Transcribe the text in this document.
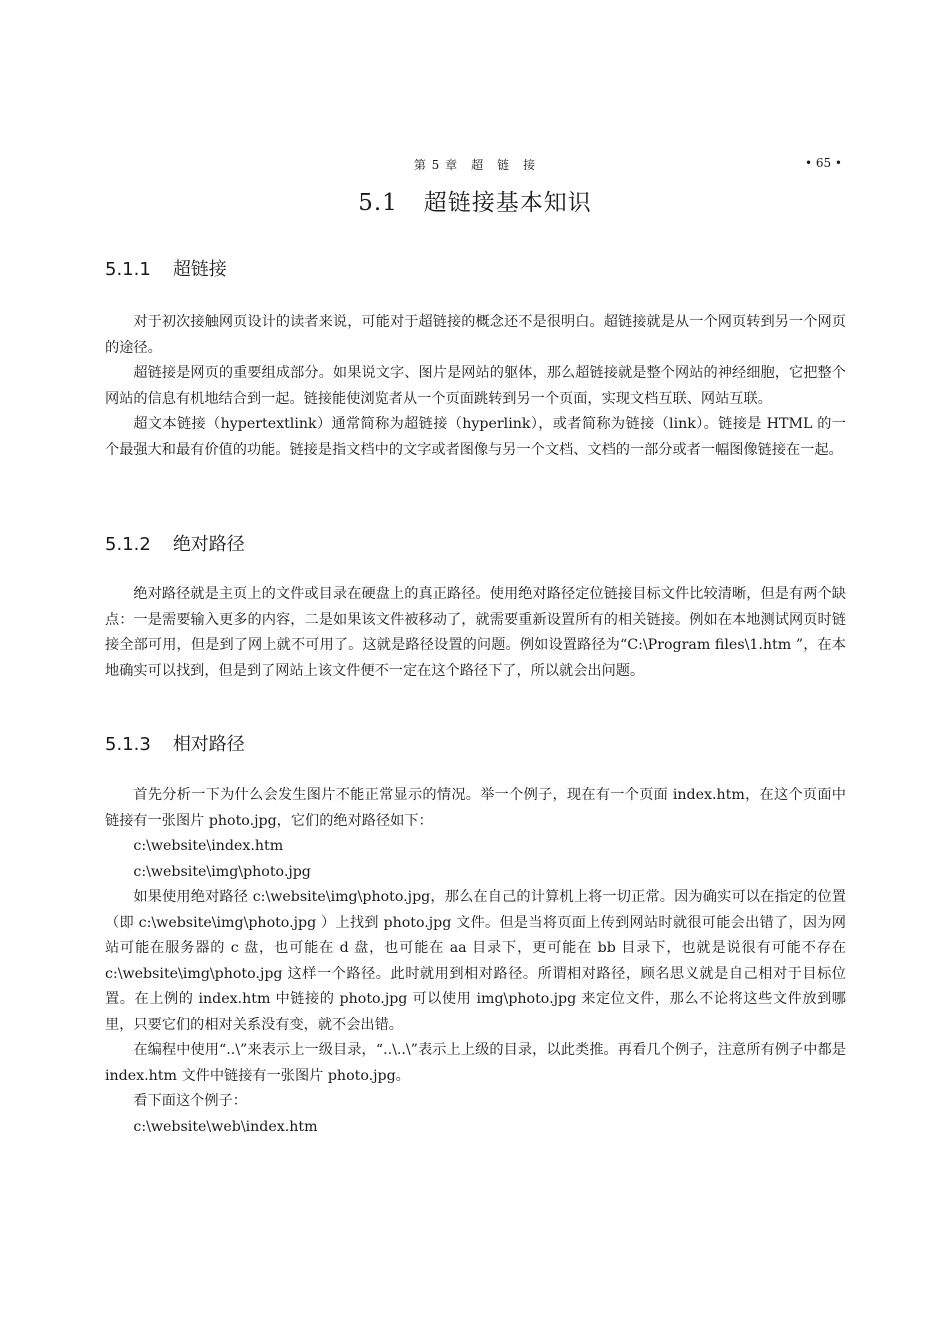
第 5 章　超　链　接	• 65 •
5.1 超链接基本知识
5.1.1 超链接

对于初次接触网页设计的读者来说，可能对于超链接的概念还不是很明白。超链接就是从一个网页转到另一个网页的途径。

超链接是网页的重要组成部分。如果说文字、图片是网站的躯体，那么超链接就是整个网站的神经细胞，它把整个网站的信息有机地结合到一起。链接能使浏览者从一个页面跳转到另一个页面，实现文档互联、网站互联。

超文本链接（hypertextlink）通常简称为超链接（hyperlink），或者简称为链接（link）。链接是 HTML 的一个最强大和最有价值的功能。链接是指文档中的文字或者图像与另一个文档、文档的一部分或者一幅图像链接在一起。

5.1.2 绝对路径

绝对路径就是主页上的文件或目录在硬盘上的真正路径。使用绝对路径定位链接目标文件比较清晰，但是有两个缺点：一是需要输入更多的内容，二是如果该文件被移动了，就需要重新设置所有的相关链接。例如在本地测试网页时链接全部可用，但是到了网上就不可用了。这就是路径设置的问题。例如设置路径为“C:\Program files\1.htm ”，在本地确实可以找到，但是到了网站上该文件便不一定在这个路径下了，所以就会出问题。

5.1.3 相对路径

首先分析一下为什么会发生图片不能正常显示的情况。举一个例子，现在有一个页面 index.htm，在这个页面中链接有一张图片 photo.jpg，它们的绝对路径如下：

c:\website\index.htm

c:\website\img\photo.jpg

如果使用绝对路径 c:\website\img\photo.jpg，那么在自己的计算机上将一切正常。因为确实可以在指定的位置（即 c:\website\img\photo.jpg ）上找到 photo.jpg 文件。但是当将页面上传到网站时就很可能会出错了，因为网站可能在服务器的 c 盘，也可能在 d 盘，也可能在 aa 目录下，更可能在 bb 目录下，也就是说很有可能不存在 c:\website\img\photo.jpg 这样一个路径。此时就用到相对路径。所谓相对路径，顾名思义就是自己相对于目标位置。在上例的 index.htm 中链接的 photo.jpg 可以使用 img\photo.jpg 来定位文件，那么不论将这些文件放到哪里，只要它们的相对关系没有变，就不会出错。

在编程中使用“..\”来表示上一级目录，“..\..\”表示上上级的目录，以此类推。再看几个例子，注意所有例子中都是 index.htm 文件中链接有一张图片 photo.jpg。

看下面这个例子：

c:\website\web\index.htm
